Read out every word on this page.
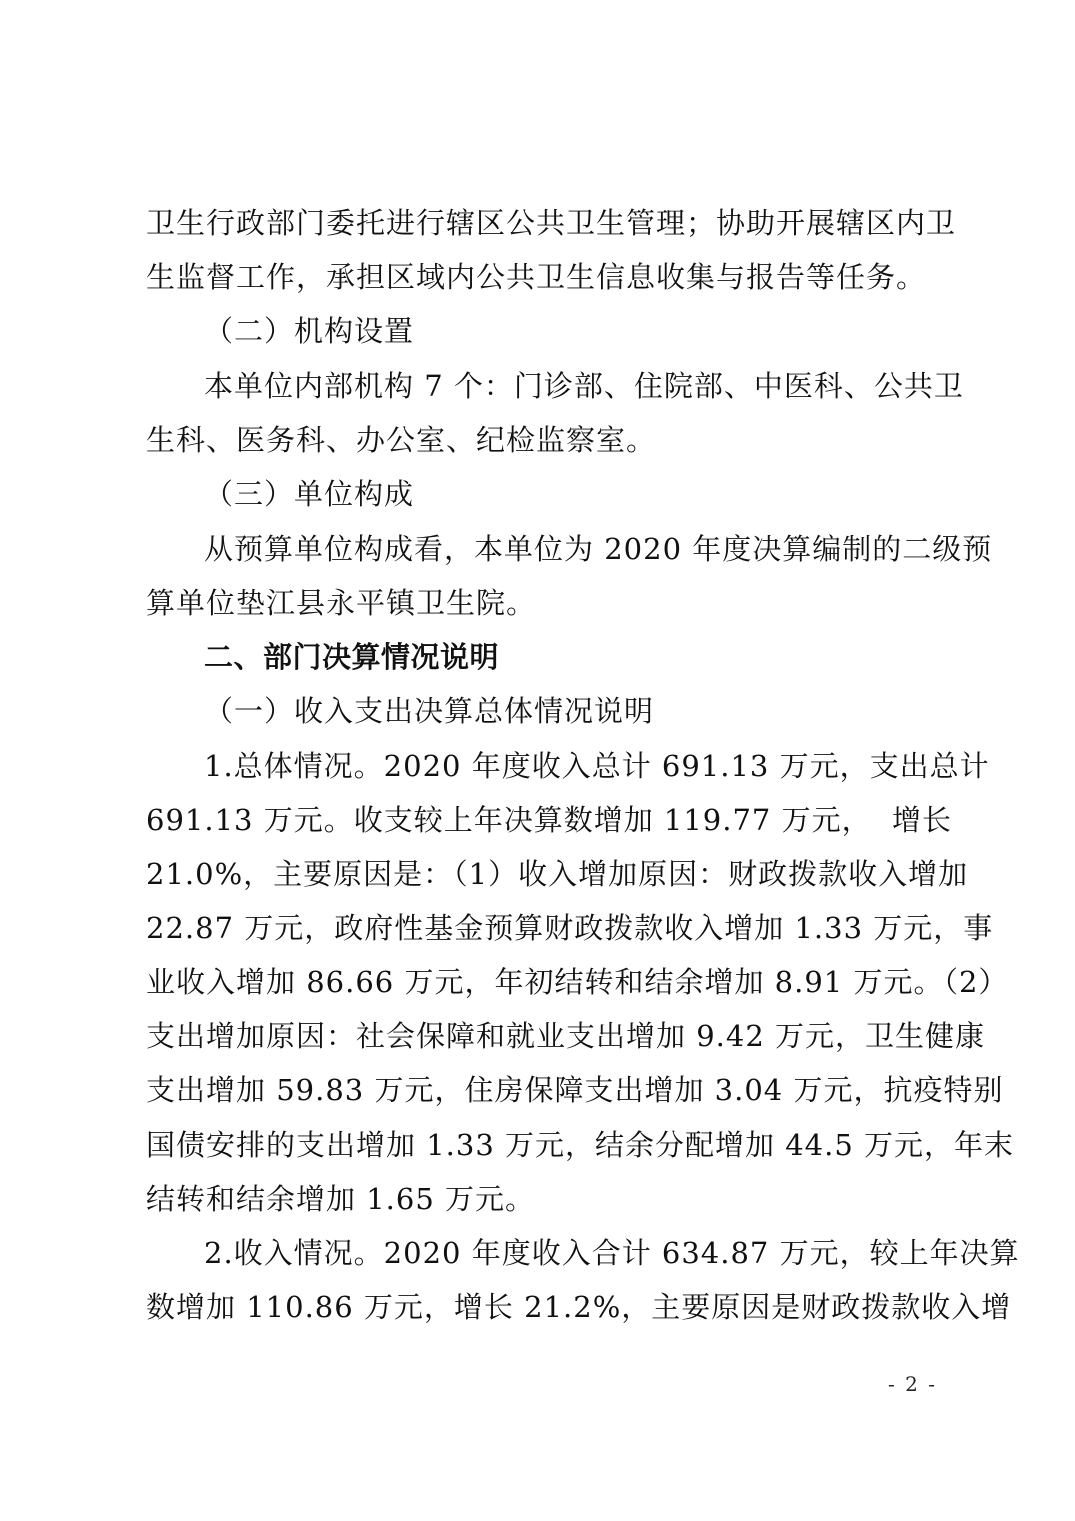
卫生行政部门委托进行辖区公共卫生管理；协助开展辖区内卫
生监督工作，承担区域内公共卫生信息收集与报告等任务。
（二）机构设置
本单位内部机构 7 个：门诊部、住院部、中医科、公共卫
生科、医务科、办公室、纪检监察室。
（三）单位构成
从预算单位构成看，本单位为 2020 年度决算编制的二级预
算单位垫江县永平镇卫生院。
二、部门决算情况说明
（一）收入支出决算总体情况说明
1.总体情况。2020 年度收入总计 691.13 万元，支出总计
691.13 万元。收支较上年决算数增加 119.77 万元，  增长
21.0%，主要原因是：（1）收入增加原因：财政拨款收入增加
22.87 万元，政府性基金预算财政拨款收入增加 1.33 万元，事
业收入增加 86.66 万元，年初结转和结余增加 8.91 万元。（2）
支出增加原因：社会保障和就业支出增加 9.42 万元，卫生健康
支出增加 59.83 万元，住房保障支出增加 3.04 万元，抗疫特别
国债安排的支出增加 1.33 万元，结余分配增加 44.5 万元，年末
结转和结余增加 1.65 万元。
2.收入情况。2020 年度收入合计 634.87 万元，较上年决算
数增加 110.86 万元，增长 21.2%，主要原因是财政拨款收入增
- 2 -
